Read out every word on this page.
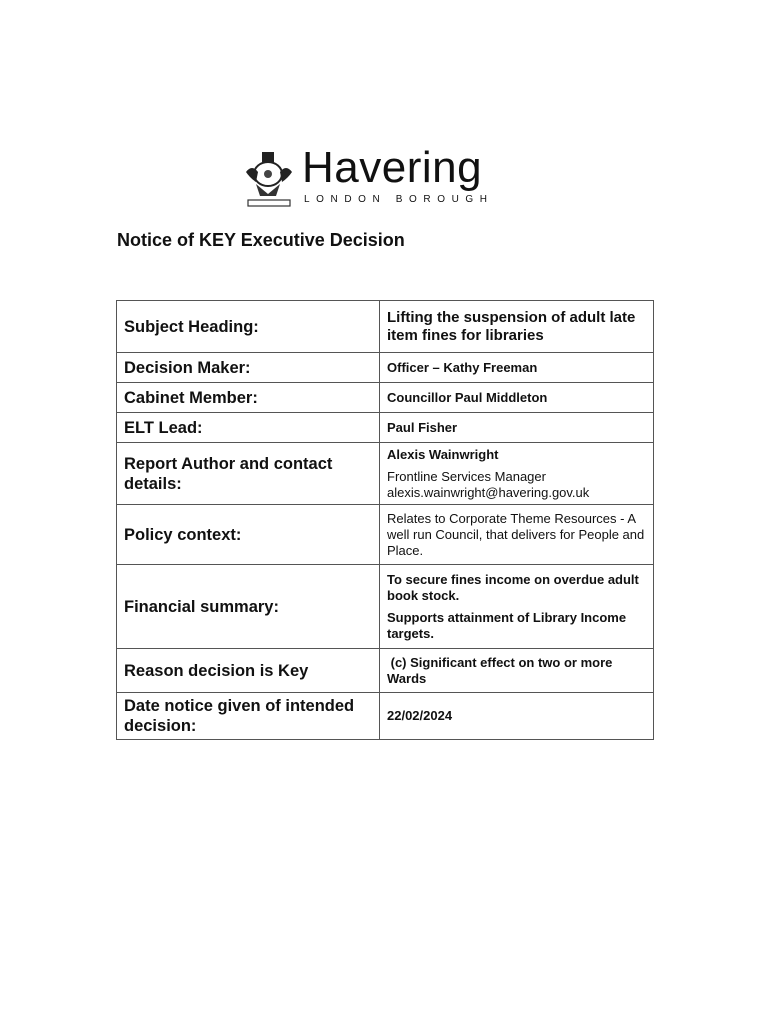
Havering
LONDON BOROUGH
Notice of KEY Executive Decision
Subject Heading:	Lifting the suspension of adult late item fines for libraries
Decision Maker:	Officer – Kathy Freeman
Cabinet Member:	Councillor Paul Middleton
ELT Lead:	Paul Fisher
Report Author and contact details:	Alexis Wainwright

Frontline Services Manager

alexis.wainwright@havering.gov.uk

Policy context:	Relates to Corporate Theme Resources - A well run Council, that delivers for People and Place.
Financial summary:	To secure fines income on overdue adult book stock.

Supports attainment of Library Income targets.

Reason decision is Key	(c) Significant effect on two or more Wards
Date notice given of intended decision:	22/02/2024
